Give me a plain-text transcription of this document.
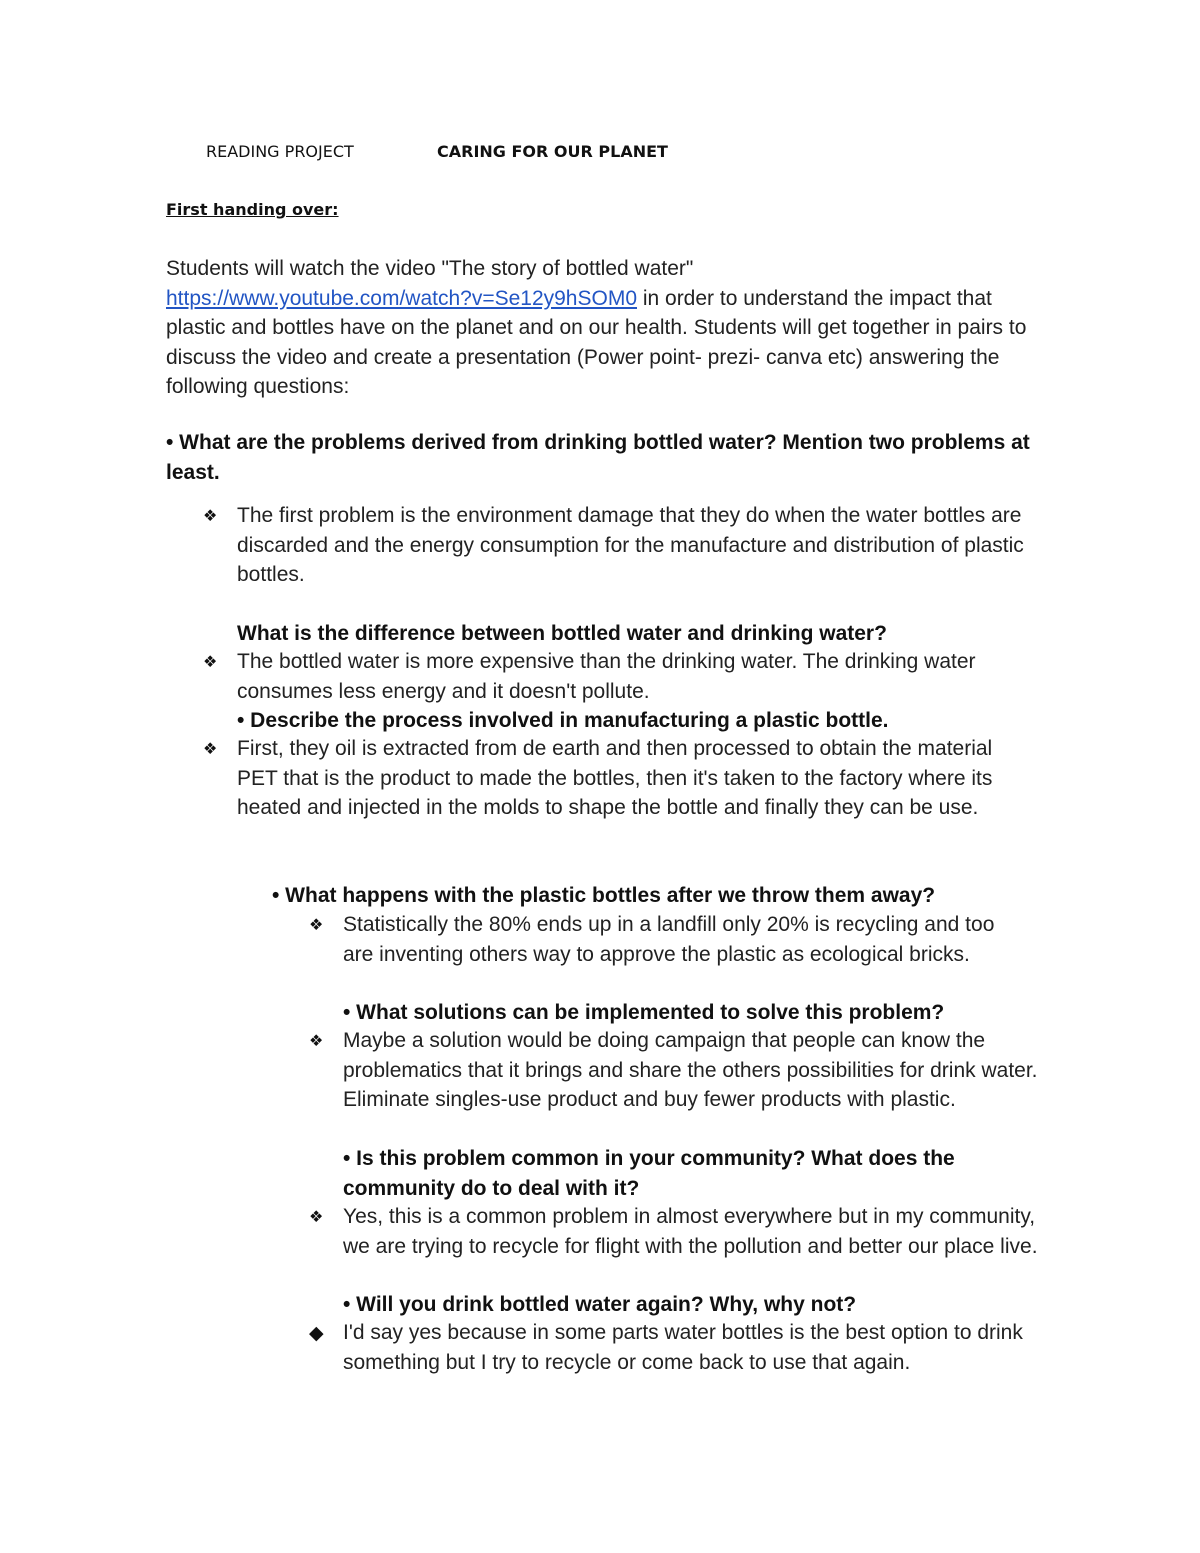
READING PROJECT	CARING FOR OUR PLANET
First handing over:
Students will watch the video "The story of bottled water"
https://www.youtube.com/watch?v=Se12y9hSOM0 in order to understand the impact that plastic and bottles have on the planet and on our health. Students will get together in pairs to discuss the video and create a presentation (Power point- prezi- canva etc) answering the following questions:
• What are the problems derived from drinking bottled water? Mention two problems at least.
❖ The first problem is the environment damage that they do when the water bottles are discarded and the energy consumption for the manufacture and distribution of plastic bottles.
What is the difference between bottled water and drinking water?
❖ The bottled water is more expensive than the drinking water. The drinking water consumes less energy and it doesn't pollute.
• Describe the process involved in manufacturing a plastic bottle.
❖ First, they oil is extracted from de earth and then processed to obtain the material PET that is the product to made the bottles, then it's taken to the factory where its heated and injected in the molds to shape the bottle and finally they can be use.
• What happens with the plastic bottles after we throw them away?
❖ Statistically the 80% ends up in a landfill only 20% is recycling and too are inventing others way to approve the plastic as ecological bricks.
• What solutions can be implemented to solve this problem?
❖ Maybe a solution would be doing campaign that people can know the problematics that it brings and share the others possibilities for drink water. Eliminate singles-use product and buy fewer products with plastic.
• Is this problem common in your community? What does the community do to deal with it?
❖ Yes, this is a common problem in almost everywhere but in my community, we are trying to recycle for flight with the pollution and better our place live.
• Will you drink bottled water again? Why, why not?
◆ I'd say yes because in some parts water bottles is the best option to drink something but I try to recycle or come back to use that again.
